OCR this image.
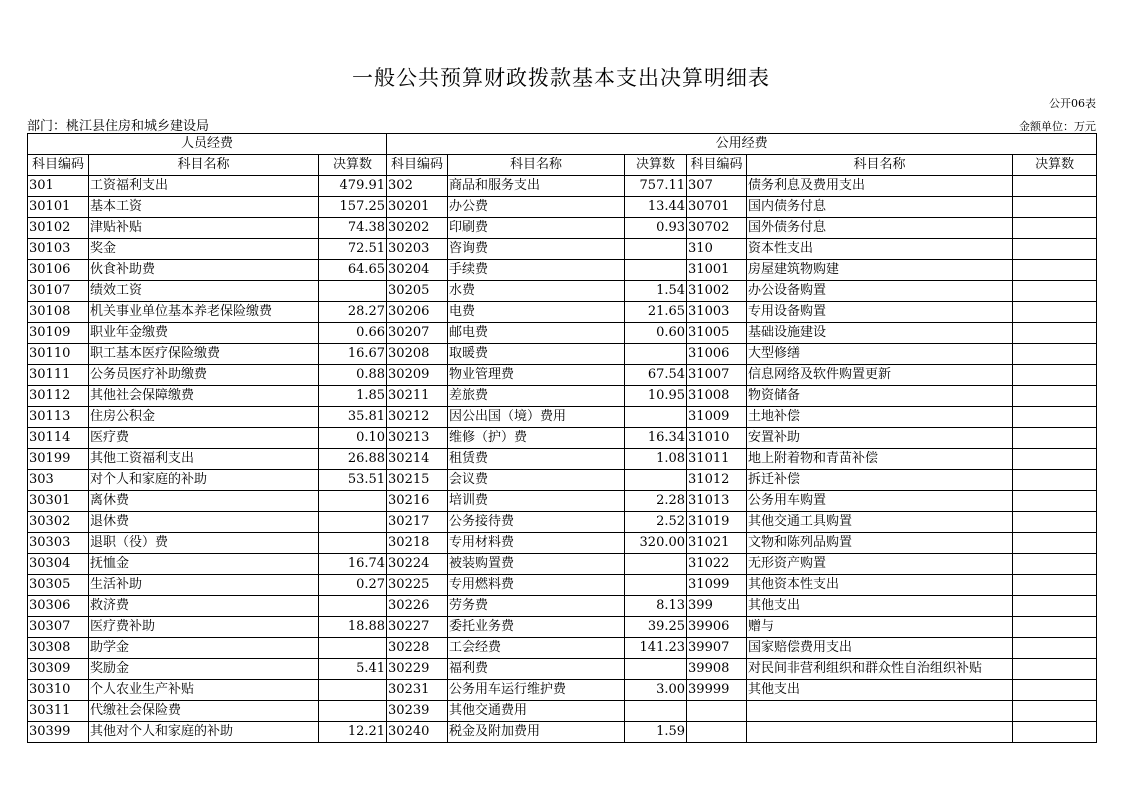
一般公共预算财政拨款基本支出决算明细表
公开06表
部门：桃江县住房和城乡建设局	金额单位：万元
人员经费			公用经费					
科目编码	科目名称	决算数	科目编码	科目名称	决算数	科目编码	科目名称	决算数
301	工资福利支出	479.91	302	商品和服务支出	757.11	307	债务利息及费用支出	
30101	基本工资	157.25	30201	办公费	13.44	30701	国内债务付息	
30102	津贴补贴	74.38	30202	印刷费	0.93	30702	国外债务付息	
30103	奖金	72.51	30203	咨询费		310	资本性支出	
30106	伙食补助费	64.65	30204	手续费		31001	房屋建筑物购建	
30107	绩效工资		30205	水费	1.54	31002	办公设备购置	
30108	机关事业单位基本养老保险缴费	28.27	30206	电费	21.65	31003	专用设备购置	
30109	职业年金缴费	0.66	30207	邮电费	0.60	31005	基础设施建设	
30110	职工基本医疗保险缴费	16.67	30208	取暖费		31006	大型修缮	
30111	公务员医疗补助缴费	0.88	30209	物业管理费	67.54	31007	信息网络及软件购置更新	
30112	其他社会保障缴费	1.85	30211	差旅费	10.95	31008	物资储备	
30113	住房公积金	35.81	30212	因公出国（境）费用		31009	土地补偿	
30114	医疗费	0.10	30213	维修（护）费	16.34	31010	安置补助	
30199	其他工资福利支出	26.88	30214	租赁费	1.08	31011	地上附着物和青苗补偿	
303	对个人和家庭的补助	53.51	30215	会议费		31012	拆迁补偿	
30301	离休费		30216	培训费	2.28	31013	公务用车购置	
30302	退休费		30217	公务接待费	2.52	31019	其他交通工具购置	
30303	退职（役）费		30218	专用材料费	320.00	31021	文物和陈列品购置	
30304	抚恤金	16.74	30224	被装购置费		31022	无形资产购置	
30305	生活补助	0.27	30225	专用燃料费		31099	其他资本性支出	
30306	救济费		30226	劳务费	8.13	399	其他支出	
30307	医疗费补助	18.88	30227	委托业务费	39.25	39906	赠与	
30308	助学金		30228	工会经费	141.23	39907	国家赔偿费用支出	
30309	奖励金	5.41	30229	福利费		39908	对民间非营利组织和群众性自治组织补贴	
30310	个人农业生产补贴		30231	公务用车运行维护费	3.00	39999	其他支出	
30311	代缴社会保险费		30239	其他交通费用				
30399	其他对个人和家庭的补助	12.21	30240	税金及附加费用	1.59			
